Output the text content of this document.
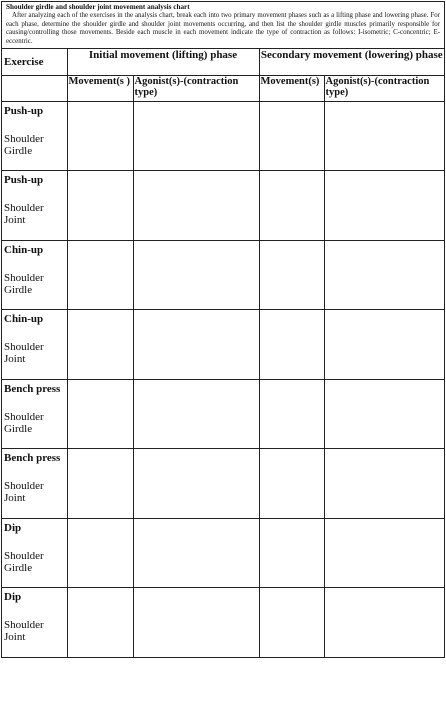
Shoulder girdle and shoulder joint movement analysis chart
After analyzing each of the exercises in the analysis chart, break each into two primary movement phases such as a lifting phase and lowering phase. For each phase, determine the shoulder girdle and shoulder joint movements occurring, and then list the shoulder girdle muscles primarily responsible for causing/controlling those movements. Beside each muscle in each movement indicate the type of contraction as follows: I-isometric; C-concentric; E-eccentric.
Exercise	Initial movement (lifting) phase		Secondary movement (lowering) phase	
	Movement(s )	Agonist(s)-(contraction type)	Movement(s)	Agonist(s)-(contraction type)

Push-up
Shoulder Girdle				

Push-up
Shoulder Joint				

Chin-up
Shoulder Girdle				

Chin-up
Shoulder Joint				

Bench press
Shoulder Girdle				

Bench press
Shoulder Joint				

Dip
Shoulder Girdle				

Dip
Shoulder Joint				
